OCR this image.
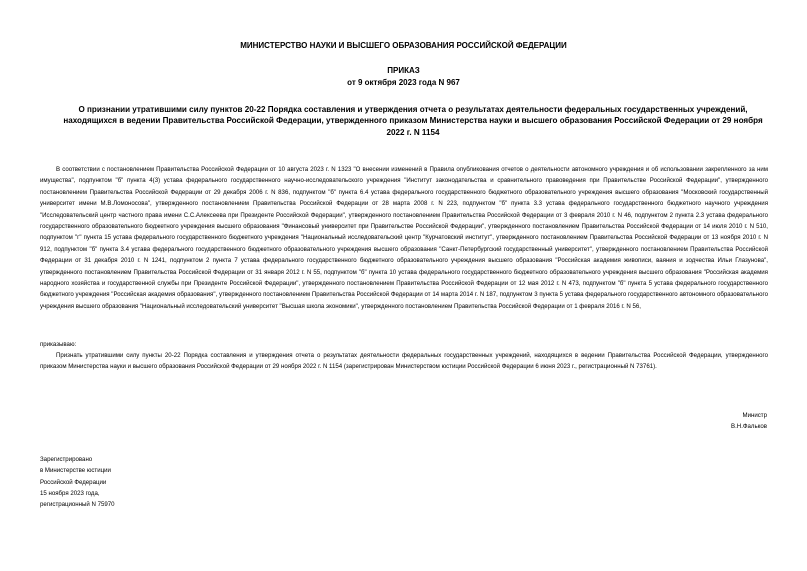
МИНИСТЕРСТВО НАУКИ И ВЫСШЕГО ОБРАЗОВАНИЯ РОССИЙСКОЙ ФЕДЕРАЦИИ
ПРИКАЗ
от 9 октября 2023 года N 967
О признании утратившими силу пунктов 20-22 Порядка составления и утверждения отчета о результатах деятельности федеральных государственных учреждений, находящихся в ведении Правительства Российской Федерации, утвержденного приказом Министерства науки и высшего образования Российской Федерации от 29 ноября 2022 г. N 1154
В соответствии с постановлением Правительства Российской Федерации от 10 августа 2023 г. N 1323 "О внесении изменений в Правила опубликования отчетов о деятельности автономного учреждения и об использовании закрепленного за ним имущества", подпунктом "б" пункта 4(3) устава федерального государственного научно-исследовательского учреждения "Институт законодательства и сравнительного правоведения при Правительстве Российской Федерации", утвержденного постановлением Правительства Российской Федерации от 29 декабря 2006 г. N 836, подпунктом "б" пункта 6.4 устава федерального государственного бюджетного образовательного учреждения высшего образования "Московский государственный университет имени М.В.Ломоносова", утвержденного постановлением Правительства Российской Федерации от 28 марта 2008 г. N 223, подпунктом "б" пункта 3.3 устава федерального государственного бюджетного научного учреждения "Исследовательский центр частного права имени С.С.Алексеева при Президенте Российской Федерации", утвержденного постановлением Правительства Российской Федерации от 3 февраля 2010 г. N 46, подпунктом 2 пункта 2.3 устава федерального государственного образовательного бюджетного учреждения высшего образования "Финансовый университет при Правительстве Российской Федерации", утвержденного постановлением Правительства Российской Федерации от 14 июля 2010 г. N 510, подпунктом "г" пункта 15 устава федерального государственного бюджетного учреждения "Национальный исследовательский центр "Курчатовский институт", утвержденного постановлением Правительства Российской Федерации от 13 ноября 2010 г. N 912, подпунктом "б" пункта 3.4 устава федерального государственного бюджетного образовательного учреждения высшего образования "Санкт-Петербургский государственный университет", утвержденного постановлением Правительства Российской Федерации от 31 декабря 2010 г. N 1241, подпунктом 2 пункта 7 устава федерального государственного бюджетного образовательного учреждения высшего образования "Российская академия живописи, ваяния и зодчества Ильи Глазунова", утвержденного постановлением Правительства Российской Федерации от 31 января 2012 г. N 55, подпунктом "б" пункта 10 устава федерального государственного бюджетного образовательного учреждения высшего образования "Российская академия народного хозяйства и государственной службы при Президенте Российской Федерации", утвержденного постановлением Правительства Российской Федерации от 12 мая 2012 г. N 473, подпунктом "б" пункта 5 устава федерального государственного бюджетного учреждения "Российская академия образования", утвержденного постановлением Правительства Российской Федерации от 14 марта 2014 г. N 187, подпунктом 3 пункта 5 устава федерального государственного автономного образовательного учреждения высшего образования "Национальный исследовательский университет "Высшая школа экономики", утвержденного постановлением Правительства Российской Федерации от 1 февраля 2016 г. N 56,
приказываю:
Признать утратившими силу пункты 20-22 Порядка составления и утверждения отчета о результатах деятельности федеральных государственных учреждений, находящихся в ведении Правительства Российской Федерации, утвержденного приказом Министерства науки и высшего образования Российской Федерации от 29 ноября 2022 г. N 1154 (зарегистрирован Министерством юстиции Российской Федерации 6 июня 2023 г., регистрационный N 73761).
Министр
В.Н.Фальков
Зарегистрировано
в Министерстве юстиции
Российской Федерации
15 ноября 2023 года,
регистрационный N 75970
